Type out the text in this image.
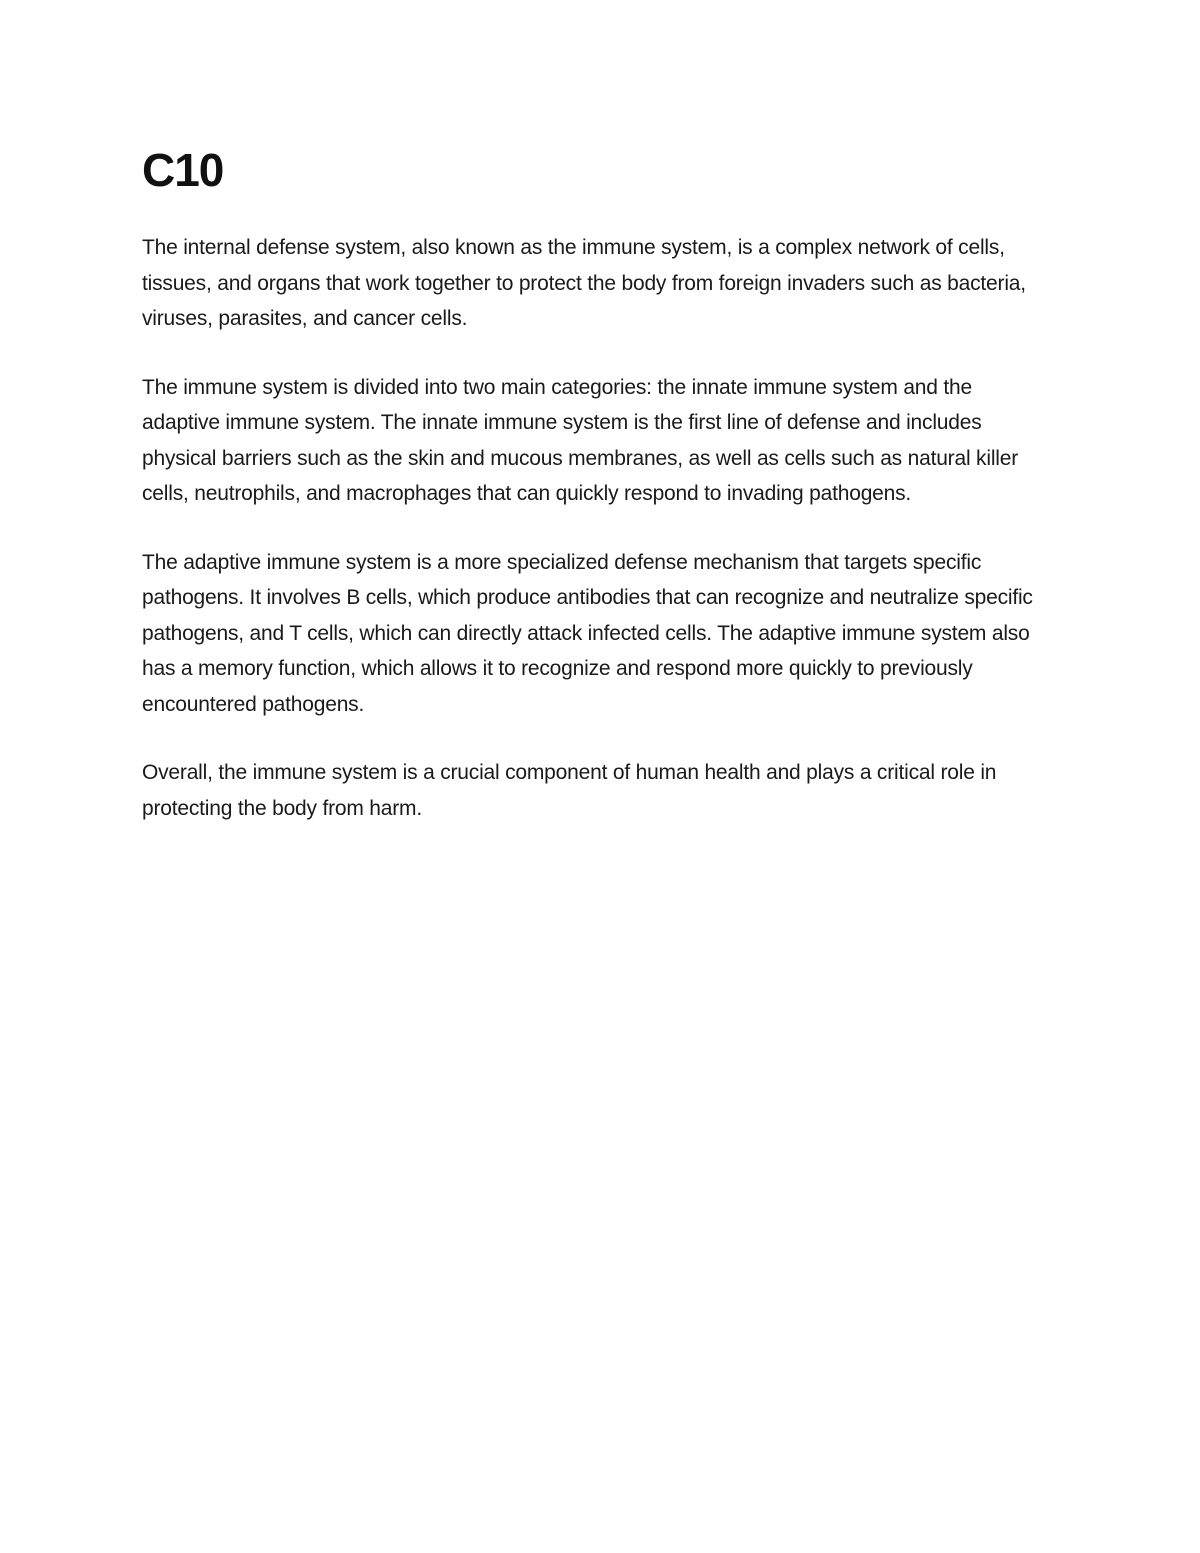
C10

The internal defense system, also known as the immune system, is a complex network of cells, tissues, and organs that work together to protect the body from foreign invaders such as bacteria, viruses, parasites, and cancer cells.

The immune system is divided into two main categories: the innate immune system and the adaptive immune system. The innate immune system is the first line of defense and includes physical barriers such as the skin and mucous membranes, as well as cells such as natural killer cells, neutrophils, and macrophages that can quickly respond to invading pathogens.

The adaptive immune system is a more specialized defense mechanism that targets specific pathogens. It involves B cells, which produce antibodies that can recognize and neutralize specific pathogens, and T cells, which can directly attack infected cells. The adaptive immune system also has a memory function, which allows it to recognize and respond more quickly to previously encountered pathogens.

Overall, the immune system is a crucial component of human health and plays a critical role in protecting the body from harm.
